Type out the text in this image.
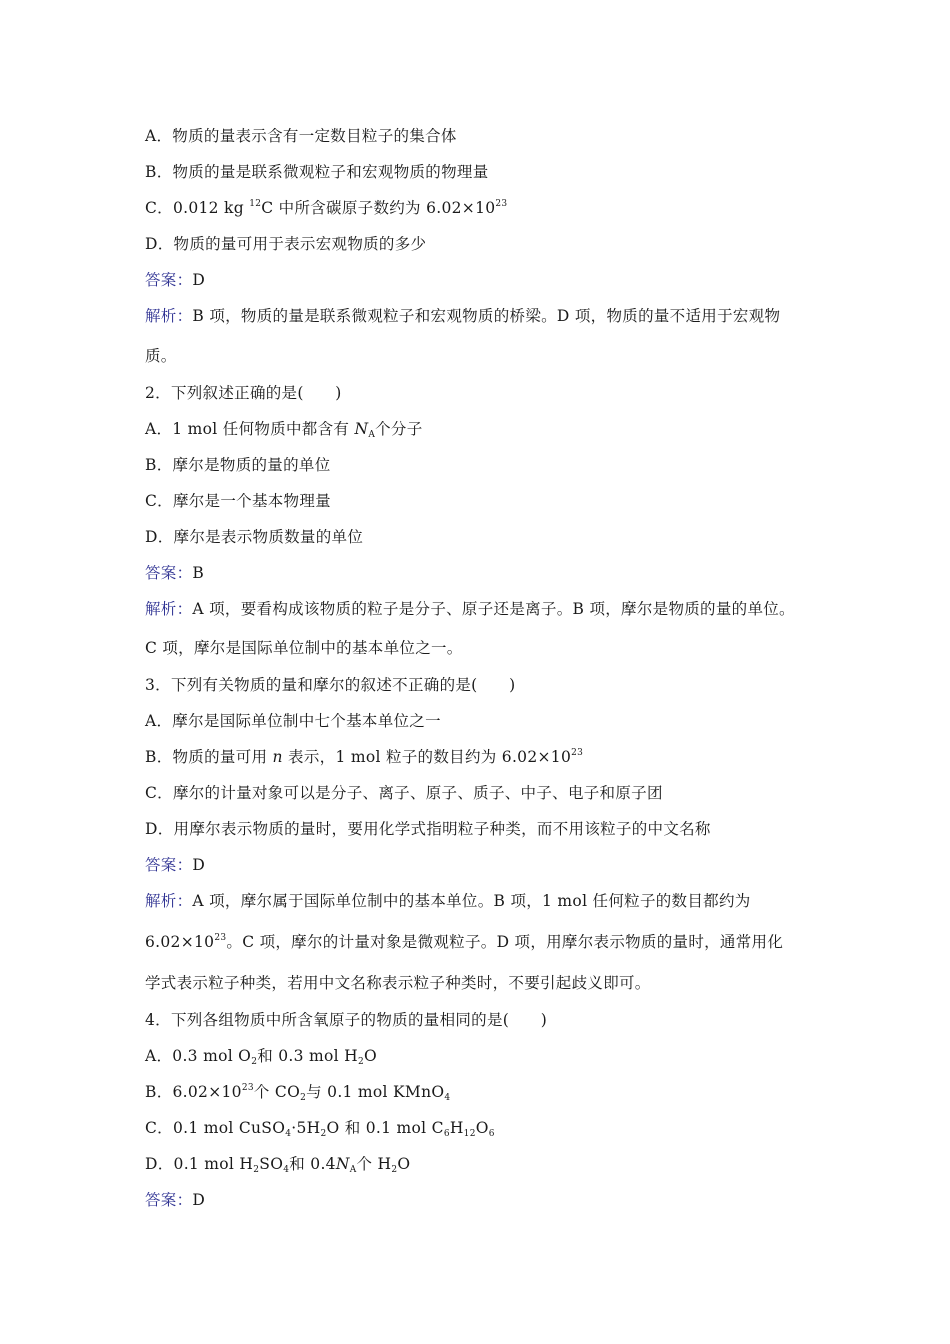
A．物质的量表示含有一定数目粒子的集合体
B．物质的量是联系微观粒子和宏观物质的物理量
C．0.012 kg $^{12}$C 中所含碳原子数约为 $6.02\times 10^{23}$
D．物质的量可用于表示宏观物质的多少
答案：D
解析：B 项，物质的量是联系微观粒子和宏观物质的桥梁。D 项，物质的量不适用于宏观物
质。
2．下列叙述正确的是(　　)
A．1 mol 任何物质中都含有 $N_A$个分子
B．摩尔是物质的量的单位
C．摩尔是一个基本物理量
D．摩尔是表示物质数量的单位
答案：B
解析：A 项，要看构成该物质的粒子是分子、原子还是离子。B 项，摩尔是物质的量的单位。
C 项，摩尔是国际单位制中的基本单位之一。
3．下列有关物质的量和摩尔的叙述不正确的是(　　)
A．摩尔是国际单位制中七个基本单位之一
B．物质的量可用 n 表示，1 mol 粒子的数目约为 $6.02\times 10^{23}$
C．摩尔的计量对象可以是分子、离子、原子、质子、中子、电子和原子团
D．用摩尔表示物质的量时，要用化学式指明粒子种类，而不用该粒子的中文名称
答案：D
解析：A 项，摩尔属于国际单位制中的基本单位。B 项，1 mol 任何粒子的数目都约为
$6.02\times 10^{23}$。C 项，摩尔的计量对象是微观粒子。D 项，用摩尔表示物质的量时，通常用化
学式表示粒子种类，若用中文名称表示粒子种类时，不要引起歧义即可。
4．下列各组物质中所含氧原子的物质的量相同的是(　　)
A．0.3 mol $O_2$和 0.3 mol $H_2O$
B．$6.02\times 10^{23}$个 $CO_2$与 0.1 mol KMnO$_4$
C．0.1 mol $CuSO_4\cdot 5H_2O$ 和 0.1 mol $C_6H_{12}O_6$
D．0.1 mol $H_2SO_4$和 $0.4N_A$个 $H_2O$
答案：D
